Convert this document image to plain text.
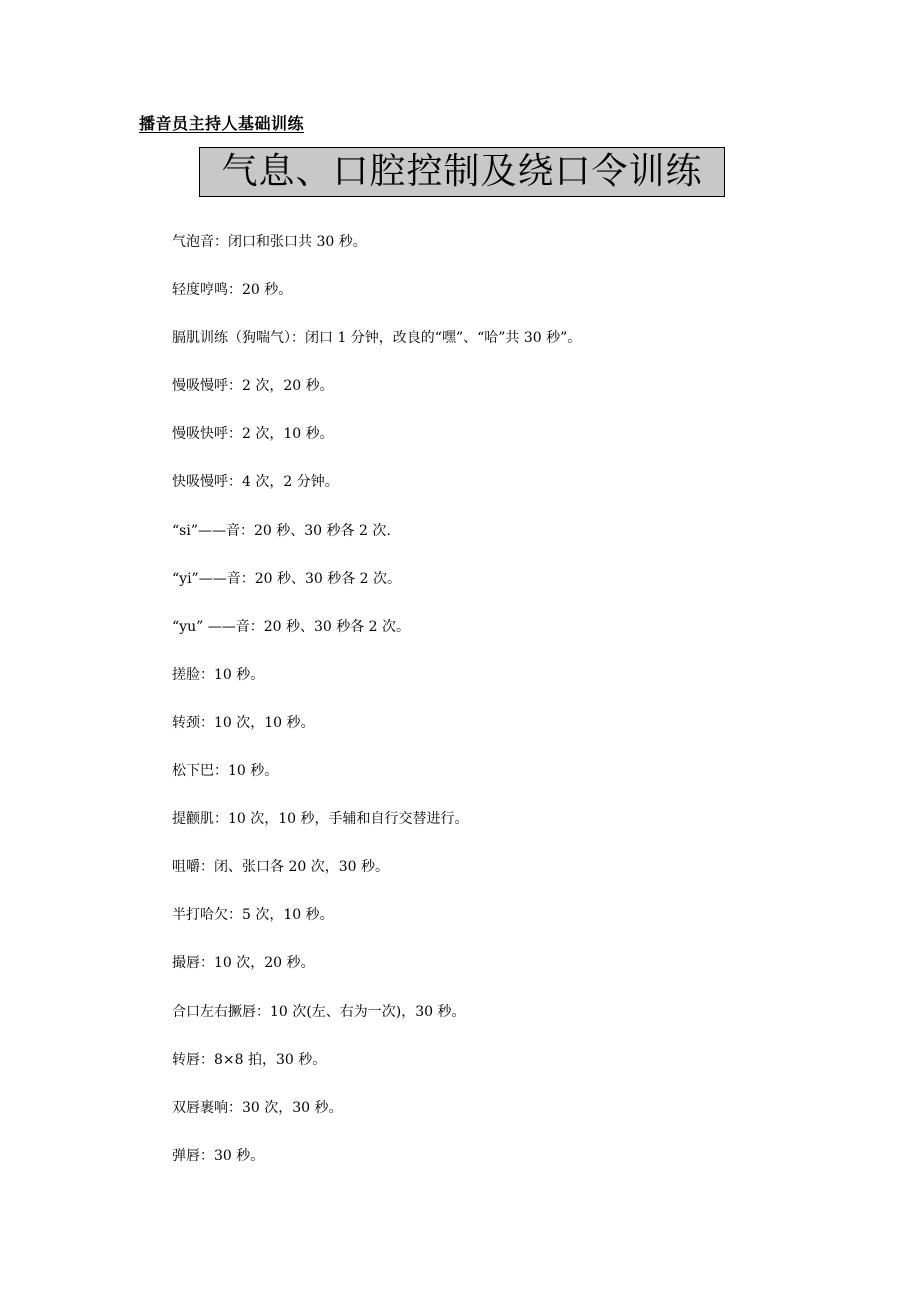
播音员主持人基础训练
气息、口腔控制及绕口令训练
气泡音：闭口和张口共 30 秒。
轻度哼鸣：20 秒。
膈肌训练（狗喘气）：闭口 1 分钟，改良的“嘿”、“哈”共 30 秒”。
慢吸慢呼：2 次，20 秒。
慢吸快呼：2 次，10 秒。
快吸慢呼：4 次，2 分钟。
“si”——音：20 秒、30 秒各 2 次.
“yi”——音：20 秒、30 秒各 2 次。
“yu” ——音：20 秒、30 秒各 2 次。
搓脸：10 秒。
转颈：10 次，10 秒。
松下巴：10 秒。
提颧肌：10 次，10 秒，手辅和自行交替进行。
咀嚼：闭、张口各 20 次，30 秒。
半打哈欠：5 次，10 秒。
撮唇：10 次，20 秒。
合口左右撅唇：10 次(左、右为一次)，30 秒。
转唇：8×8 拍，30 秒。
双唇裹响：30 次，30 秒。
弹唇：30 秒。
